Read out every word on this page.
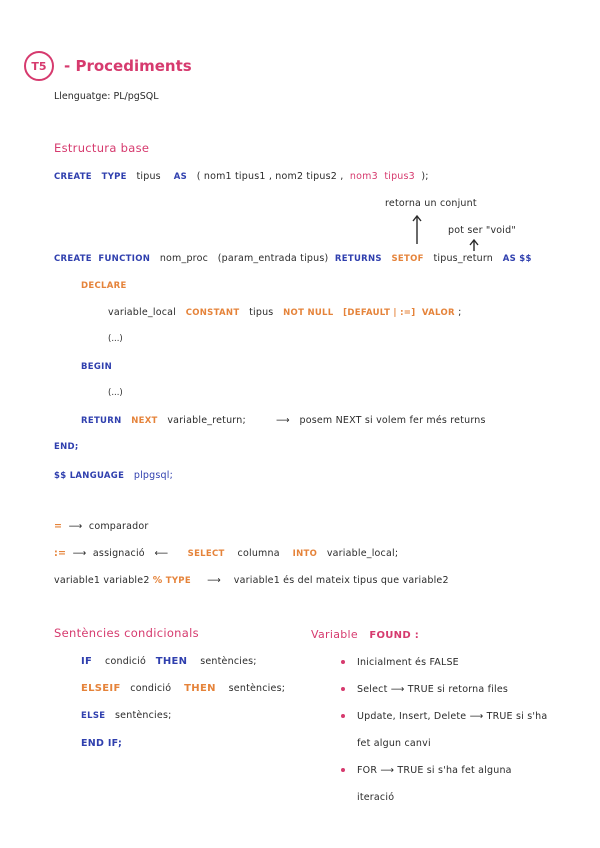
T5 - Procediments
Llenguatge: PL/pgSQL
Estructura base
CREATE TYPE tipus AS ( nom1 tipus1 , nom2 tipus2 , nom3 tipus3 );
retorna un conjunt
pot ser "void"
CREATE FUNCTION nom_proc (param_entrada tipus) RETURNS SETOF tipus_return AS $$
DECLARE
variable_local CONSTANT tipus NOT NULL [DEFAULT | :=] VALOR ;
(...)
BEGIN
(...)
RETURN NEXT variable_return;	⟶ posem NEXT si volem fer més returns
END;
$$ LANGUAGE plpgsql;
= ⟶ comparador
:= ⟶ assignació ⟵ SELECT columna INTO variable_local;
variable1 variable2 % TYPE ⟶ variable1 és del mateix tipus que variable2
Sentències condicionals
IF condició THEN sentències;
ELSEIF condició THEN sentències;
ELSE sentències;
END IF;
Variable FOUND :
Inicialment és FALSE
Select ⟶ TRUE si retorna files
Update, Insert, Delete ⟶ TRUE si s'ha
fet algun canvi
FOR ⟶ TRUE si s'ha fet alguna
iteració
